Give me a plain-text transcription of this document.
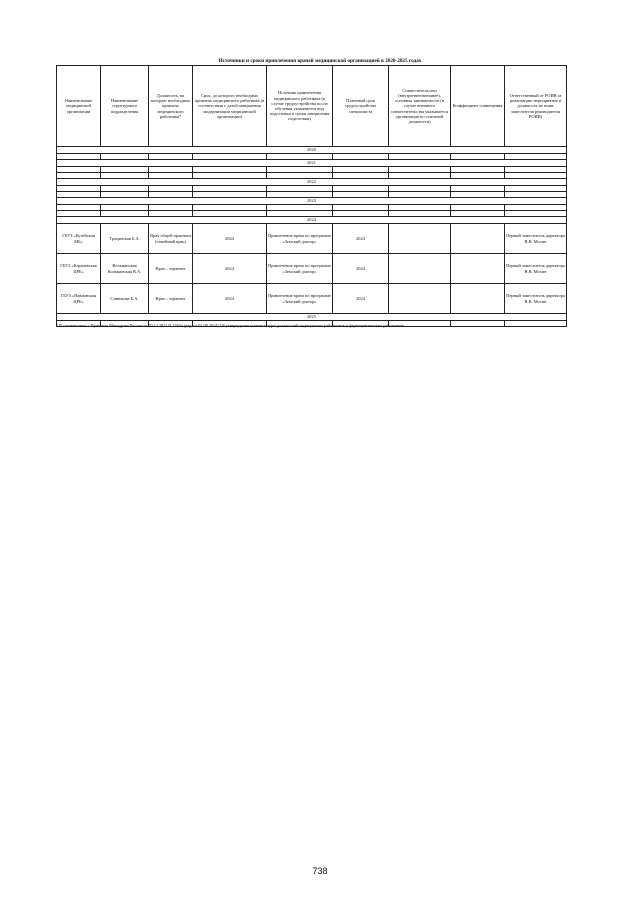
Источники и сроки привлечения врачей медицинской организацией в 2020-2025 годах
Наименование медицинской организации	Наименование структурного подразделения	Должность, на которую необходимо привлечь медицинского работника*	Срок, до которого необходимо привлечь медицинского работника (в соответствии с датой завершения модернизации медицинской организации)	Источник привлечения медицинского работника (в случае трудоустройства после обучения указывается вид подготовки и сроки завершения подготовки)	Плановый срок трудоустройства специалиста	Совместительство (внутреннее/внешнее), основная занимаемость (в случае внешнего совместительства указывается организация по основной должности)	Коэффициент совмещения	Ответственный от РОИВ за реализацию мероприятия и должность не ниже заместителя руководителя РОИВ)
2020								

2021								

2022								

2023								

2024								
ГБУЗ «Кутейская МБ»	Троцянская Б.А.	Врач общей практики (семейный врач)	2024	Привлечение врача по программе «Земский доктор»	2024			Первый заместитель директора В.В. Мосин
ГБУЗ «Карачевская ЦРБ»	Вольманская Кольманская В.А.	Врач – терапевт	2024	Привлечение врача по программе «Земский доктор»	2024			Первый заместитель директора В.В. Мосин
ГБУЗ «Навлинская ЦРБ»	Синюкова Б.А.	Врач – терапевт	2024	Привлечение врача по программе «Земский доктор»	2024			Первый заместитель директора В.В. Мосин
2025								

* В соответствии с Приказом Минздрава России от 20.12.2012 N 1183н (ред. от 01.08.2014) Об утверждении номенклатуры должностей медицинских работников и фармацевтических работников
738
